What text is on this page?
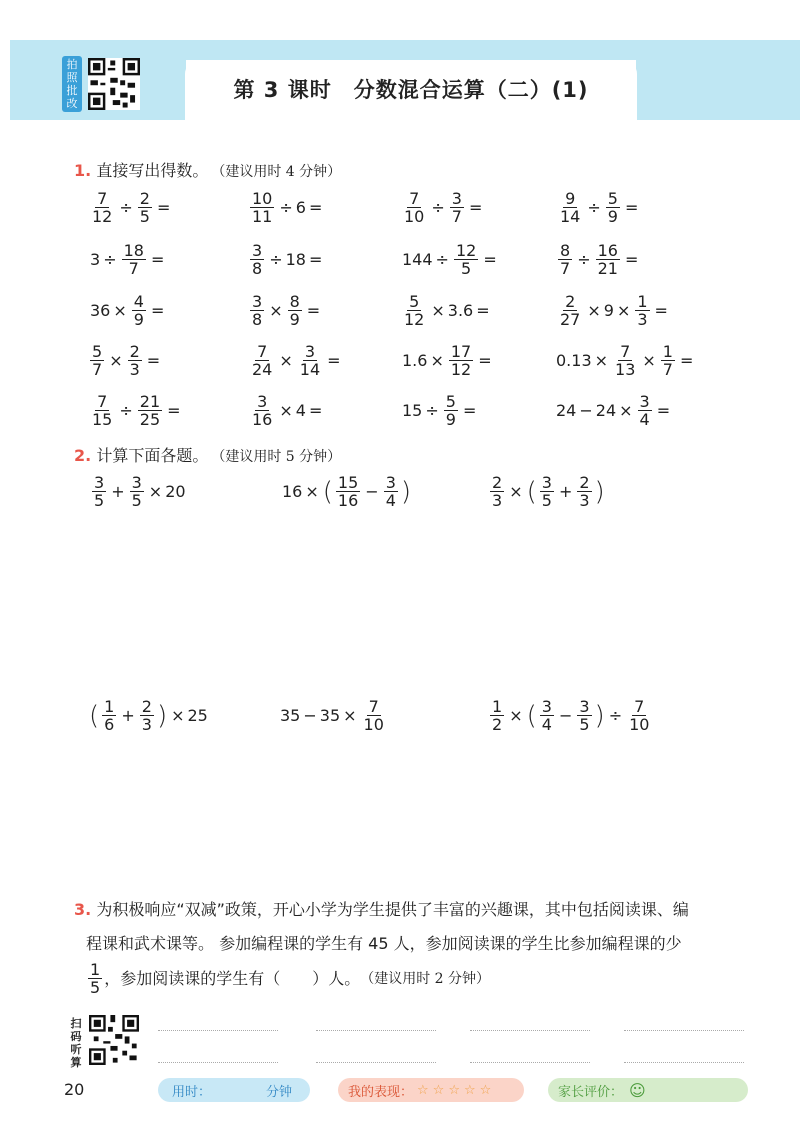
拍照批改
第 3 课时　分数混合运算（二）(1)
1. 直接写出得数。 （建议用时 4 分钟）
$\frac{7}{12} \div \frac{2}{5}$ =	$\frac{10}{11} \div 6$ =	$\frac{7}{10} \div \frac{3}{7}$ =	$\frac{9}{14} \div \frac{5}{9}$ =
$3 \div \frac{18}{7}$ =	$\frac{3}{8} \div 18$ =	$144 \div \frac{12}{5}$ =	$\frac{8}{7} \div \frac{16}{21}$ =
$36 \times \frac{4}{9}$ =	$\frac{3}{8} \times \frac{8}{9}$ =	$\frac{5}{12} \times 3.6$ =	$\frac{2}{27} \times 9 \times \frac{1}{3}$ =
$\frac{5}{7} \times \frac{2}{3}$ =	$\frac{7}{24} \times \frac{3}{14}$ =	$1.6 \times \frac{17}{12}$ =	$0.13 \times \frac{7}{13} \times \frac{1}{7}$ =
$\frac{7}{15} \div \frac{21}{25}$ =	$\frac{3}{16} \times 4$ =	$15 \div \frac{5}{9}$ =	$24 - 24 \times \frac{3}{4}$ =
2. 计算下面各题。 （建议用时 5 分钟）
$\frac{3}{5} + \frac{3}{5} \times 20$	16 × ( $\frac{15}{16} - \frac{3}{4}$ )	$\frac{2}{3}$ × ( $\frac{3}{5} + \frac{2}{3}$ )
( $\frac{1}{6} + \frac{2}{3}$ ) × 25	$35 - 35 \times \frac{7}{10}$	$\frac{1}{2}$ × ( $\frac{3}{4} - \frac{3}{5}$ ) ÷ $\frac{7}{10}$
3. 为积极响应“双减”政策，开心小学为学生提供了丰富的兴趣课，其中包括阅读课、编
程课和武术课等。 参加编程课的学生有 45 人，参加阅读课的学生比参加编程课的少
$\frac{1}{5}$ ，参加阅读课的学生有（　　）人。 （建议用时 2 分钟）
扫码听算
20	用时：	分钟	我的表现： ☆ ☆ ☆ ☆ ☆	家长评价： ☺
